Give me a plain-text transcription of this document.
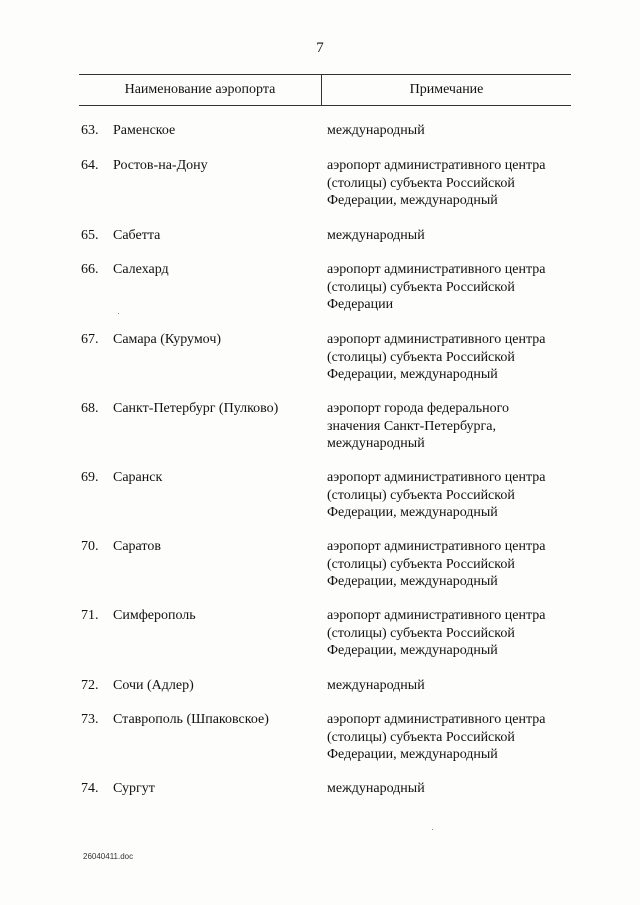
7
Наименование аэропорта	Примечание
63. Раменское	международный
64. Ростов-на-Дону	аэропорт административного центра
(столицы) субъекта Российской
Федерации, международный
65. Сабетта	международный
66. Салехард	аэропорт административного центра
(столицы) субъекта Российской
Федерации
67. Самара (Курумоч)	аэропорт административного центра
(столицы) субъекта Российской
Федерации, международный
68. Санкт-Петербург (Пулково)	аэропорт города федерального
значения Санкт-Петербурга,
международный
69. Саранск	аэропорт административного центра
(столицы) субъекта Российской
Федерации, международный
70. Саратов	аэропорт административного центра
(столицы) субъекта Российской
Федерации, международный
71. Симферополь	аэропорт административного центра
(столицы) субъекта Российской
Федерации, международный
72. Сочи (Адлер)	международный
73. Ставрополь (Шпаковское)	аэропорт административного центра
(столицы) субъекта Российской
Федерации, международный
74. Сургут	международный
26040411.doc
